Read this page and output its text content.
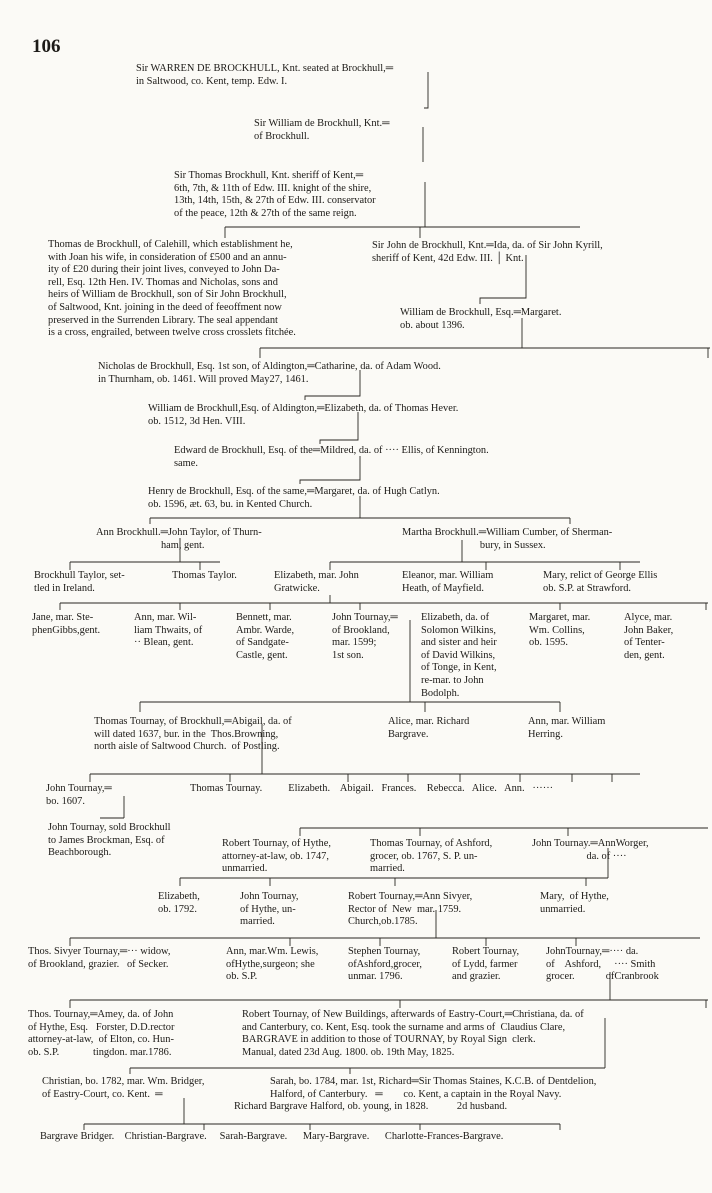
106
Sir WARREN DE BROCKHULL, Knt. seated at Brockhull,═
in Saltwood, co. Kent, temp. Edw. I.
Sir William de Brockhull, Knt.═
of Brockhull.
Sir Thomas Brockhull, Knt. sheriff of Kent,═
6th, 7th, & 11th of Edw. III. knight of the shire,
13th, 14th, 15th, & 27th of Edw. III. conservator
of the peace, 12th & 27th of the same reign.
Thomas de Brockhull, of Calehill, which establishment he,
with Joan his wife, in consideration of £500 and an annu-
ity of £20 during their joint lives, conveyed to John Da-
rell, Esq. 12th Hen. IV. Thomas and Nicholas, sons and
heirs of William de Brockhull, son of Sir John Brockhull,
of Saltwood, Knt. joining in the deed of feeoffment now
preserved in the Surrenden Library. The seal appendant
is a cross, engrailed, between twelve cross crosslets fitchée.
Sir John de Brockhull, Knt.═Ida, da. of Sir John Kyrill,
sheriff of Kent, 42d Edw. III. │ Knt.
William de Brockhull, Esq.═Margaret.
ob. about 1396.
Nicholas de Brockhull, Esq. 1st son, of Aldington,═Catharine, da. of Adam Wood.
in Thurnham, ob. 1461. Will proved May27, 1461.
William de Brockhull,Esq. of Aldington,═Elizabeth, da. of Thomas Hever.
ob. 1512, 3d Hen. VIII.
Edward de Brockhull, Esq. of the═Mildred, da. of ···· Ellis, of Kennington.
same.
Henry de Brockhull, Esq. of the same,═Margaret, da. of Hugh Catlyn.
ob. 1596, æt. 63, bu. in Kented Church.
Ann Brockhull.═John Taylor, of Thurn-
ham, gent.
Martha Brockhull.═William Cumber, of Sherman-
bury, in Sussex.
Brockhull Taylor, set-
tled in Ireland.
Thomas Taylor.	Elizabeth, mar. John
Gratwicke.
Eleanor, mar. William
Heath, of Mayfield.
Mary, relict of George Ellis
ob. S.P. at Strawford.
Jane, mar. Ste-
phenGibbs,gent.
Ann, mar. Wil-
liam Thwaits, of
·· Blean, gent.
Bennett, mar.
Ambr. Warde,
of Sandgate-
Castle, gent.
John Tournay,═
of Brookland,
mar. 1599;
1st son.
Elizabeth, da. of
Solomon Wilkins,
and sister and heir
of David Wilkins,
of Tonge, in Kent,
re-mar. to John
Bodolph.
Margaret, mar.
Wm. Collins,
ob. 1595.
Alyce, mar.
John Baker,
of Tenter-
den, gent.
Thomas Tournay, of Brockhull,═Abigail, da. of
will dated 1637, bur. in the  Thos.Browning,
north aisle of Saltwood Church.  of Postling.
Alice, mar. Richard
Bargrave.
Ann, mar. William
Herring.
John Tournay,═
bo. 1607.
Thomas Tournay.          Elizabeth.    Abigail.   Frances.    Rebecca.   Alice.   Ann.   ······
John Tournay, sold Brockhull
to James Brockman, Esq. of
Beachborough.
Robert Tournay, of Hythe,
attorney-at-law, ob. 1747,
unmarried.
Thomas Tournay, of Ashford,
grocer, ob. 1767, S. P. un-
married.
John Tournay.═AnnWorger,
da. of ····
Elizabeth,
ob. 1792.
John Tournay,
of Hythe, un-
married.
Robert Tournay,═Ann Sivyer,
Rector of  New  mar. 1759.
Church,ob.1785.
Mary,  of Hythe,
unmarried.
Thos. Sivyer Tournay,═··· widow,
of Brookland, grazier.   of Secker.
Ann, mar.Wm. Lewis,
ofHythe,surgeon; she
ob. S.P.
Stephen Tournay,
ofAshford,grocer,
unmar. 1796.
Robert Tournay,
of Lydd, farmer
and grazier.
JohnTournay,═···· da.
of    Ashford,     ···· Smith
grocer.            ofCranbrook
Thos. Tournay,═Amey, da. of John
of Hythe, Esq.   Forster, D.D.rector
attorney-at-law,  of Elton, co. Hun-
ob. S.P.             tingdon. mar.1786.
Robert Tournay, of New Buildings, afterwards of Eastry-Court,═Christiana, da. of
and Canterbury, co. Kent, Esq. took the surname and arms of  Claudius Clare,
BARGRAVE in addition to those of TOURNAY, by Royal Sign  clerk.
Manual, dated 23d Aug. 1800. ob. 19th May, 1825.
Christian, bo. 1782, mar. Wm. Bridger,
of Eastry-Court, co. Kent.  ═
Sarah, bo. 1784, mar. 1st, Richard═Sir Thomas Staines, K.C.B. of Dentdelion,
Halford, of Canterbury.   ═        co. Kent, a captain in the Royal Navy.
Richard Bargrave Halford, ob. young, in 1828.           2d husband.
Bargrave Bridger.    Christian-Bargrave.     Sarah-Bargrave.      Mary-Bargrave.      Charlotte-Frances-Bargrave.
